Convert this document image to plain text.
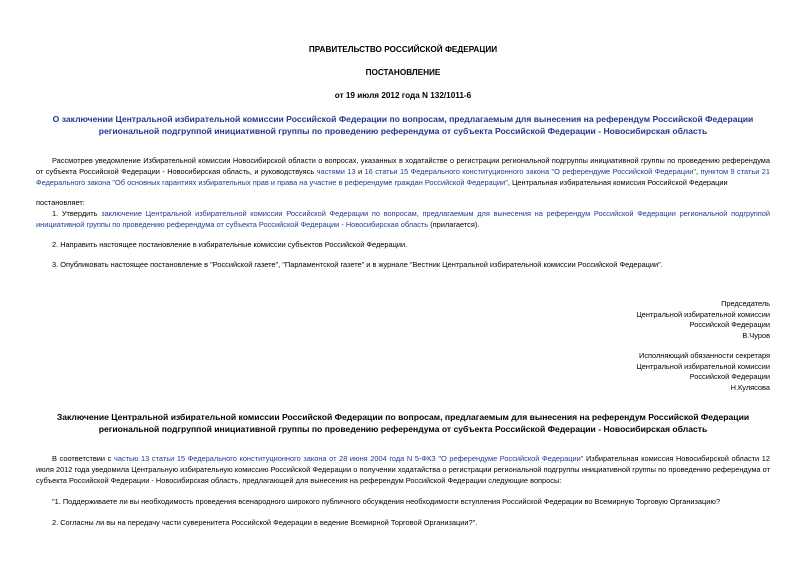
ПРАВИТЕЛЬСТВО РОССИЙСКОЙ ФЕДЕРАЦИИ
ПОСТАНОВЛЕНИЕ
от 19 июля 2012 года N 132/1011-6
О заключении Центральной избирательной комиссии Российской Федерации по вопросам, предлагаемым для вынесения на референдум Российской Федерации региональной подгруппой инициативной группы по проведению референдума от субъекта Российской Федерации - Новосибирская область
Рассмотрев уведомление Избирательной комиссии Новосибирской области о вопросах, указанных в ходатайстве о регистрации региональной подгруппы инициативной группы по проведению референдума от субъекта Российской Федерации - Новосибирская область, и руководствуясь частями 13 и 16 статьи 15 Федерального конституционного закона "О референдуме Российской Федерации", пунктом 9 статьи 21 Федерального закона "Об основных гарантиях избирательных прав и права на участие в референдуме граждан Российской Федерации", Центральная избирательная комиссия Российской Федерации
постановляет:
1. Утвердить заключение Центральной избирательной комиссии Российской Федерации по вопросам, предлагаемым для вынесения на референдум Российской Федерации региональной подгруппой инициативной группы по проведению референдума от субъекта Российской Федерации - Новосибирская область (прилагается).
2. Направить настоящее постановление в избирательные комиссии субъектов Российской Федерации.
3. Опубликовать настоящее постановление в "Российской газете", "Парламентской газете" и в журнале "Вестник Центральной избирательной комиссии Российской Федерации".
Председатель
Центральной избирательной комиссии
Российской Федерации
В.Чуров
Исполняющий обязанности секретаря
Центральной избирательной комиссии
Российской Федерации
Н.Кулясова
Заключение Центральной избирательной комиссии Российской Федерации по вопросам, предлагаемым для вынесения на референдум Российской Федерации региональной подгруппой инициативной группы по проведению референдума от субъекта Российской Федерации - Новосибирская область
В соответствии с частью 13 статьи 15 Федерального конституционного закона от 28 июня 2004 года N 5-ФКЗ "О референдуме Российской Федерации" Избирательная комиссия Новосибирской области 12 июля 2012 года уведомила Центральную избирательную комиссию Российской Федерации о получении ходатайства о регистрации региональной подгруппы инициативной группы по проведению референдума от субъекта Российской Федерации - Новосибирская область, предлагающей для вынесения на референдум Российской Федерации следующие вопросы:
"1. Поддерживаете ли вы необходимость проведения всенародного широкого публичного обсуждения необходимости вступления Российской Федерации во Всемирную Торговую Организацию?
2. Согласны ли вы на передачу части суверенитета Российской Федерации в ведение Всемирной Торговой Организации?".
